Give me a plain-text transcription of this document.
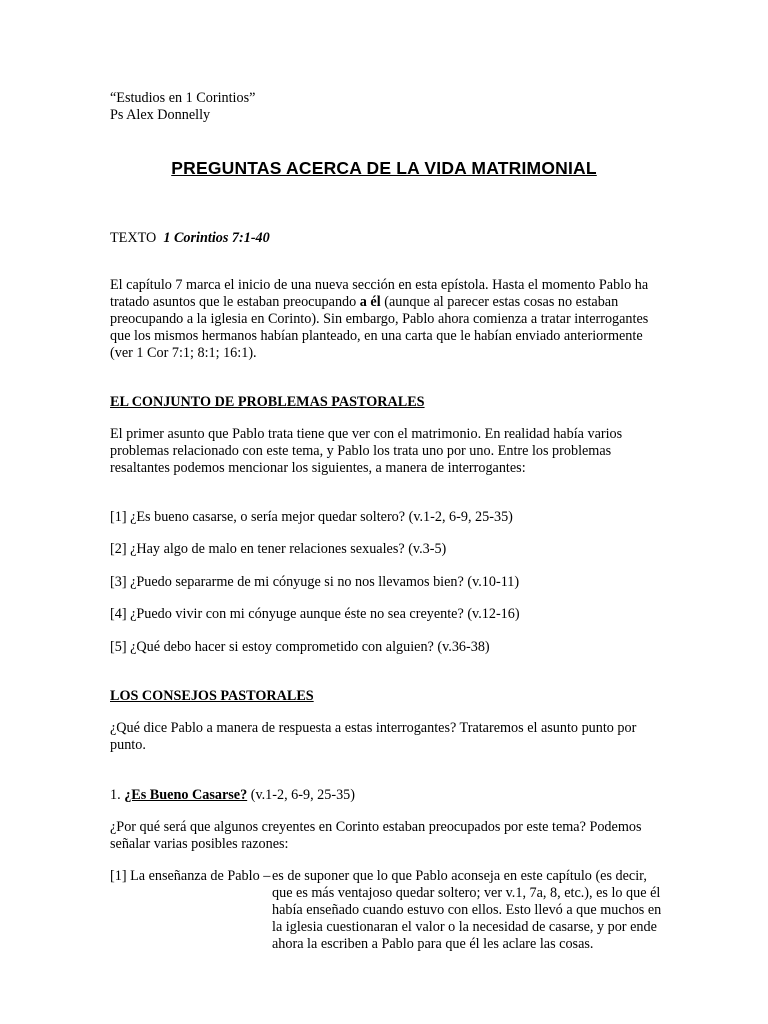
“Estudios en 1 Corintios”
Ps Alex Donnelly
PREGUNTAS ACERCA DE LA VIDA MATRIMONIAL
TEXTO 1 Corintios 7:1-40

El capítulo 7 marca el inicio de una nueva sección en esta epístola. Hasta el momento Pablo ha tratado asuntos que le estaban preocupando a él (aunque al parecer estas cosas no estaban preocupando a la iglesia en Corinto). Sin embargo, Pablo ahora comienza a tratar interrogantes que los mismos hermanos habían planteado, en una carta que le habían enviado anteriormente (ver 1 Cor 7:1; 8:1; 16:1).

EL CONJUNTO DE PROBLEMAS PASTORALES

El primer asunto que Pablo trata tiene que ver con el matrimonio. En realidad había varios problemas relacionado con este tema, y Pablo los trata uno por uno. Entre los problemas resaltantes podemos mencionar los siguientes, a manera de interrogantes:

[1] ¿Es bueno casarse, o sería mejor quedar soltero? (v.1-2, 6-9, 25-35)
[2] ¿Hay algo de malo en tener relaciones sexuales? (v.3-5)
[3] ¿Puedo separarme de mi cónyuge si no nos llevamos bien? (v.10-11)
[4] ¿Puedo vivir con mi cónyuge aunque éste no sea creyente? (v.12-16)
[5] ¿Qué debo hacer si estoy comprometido con alguien? (v.36-38)
LOS CONSEJOS PASTORALES

¿Qué dice Pablo a manera de respuesta a estas interrogantes? Trataremos el asunto punto por punto.

1. ¿Es Bueno Casarse? (v.1-2, 6-9, 25-35)

¿Por qué será que algunos creyentes en Corinto estaban preocupados por este tema? Podemos señalar varias posibles razones:

[1] La enseñanza de Pablo – es de suponer que lo que Pablo aconseja en este capítulo (es decir, que es más ventajoso quedar soltero; ver v.1, 7a, 8, etc.), es lo que él había enseñado cuando estuvo con ellos. Esto llevó a que muchos en la iglesia cuestionaran el valor o la necesidad de casarse, y por ende ahora la escriben a Pablo para que él les aclare las cosas.
